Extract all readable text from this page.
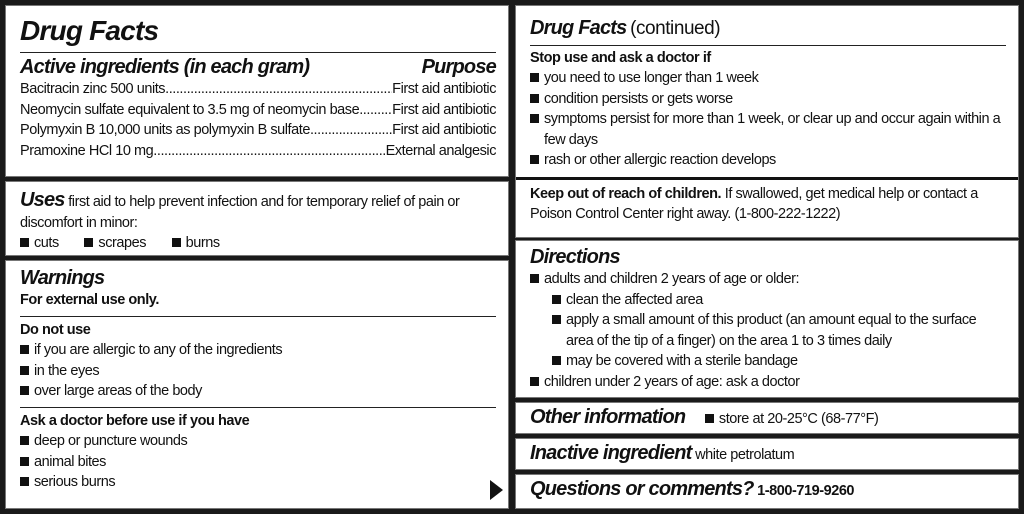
Drug Facts
Active ingredients (in each gram)	Purpose
Bacitracin zinc 500 units .....	First aid antibiotic
Neomycin sulfate equivalent to 3.5 mg of neomycin base ..... First aid antibiotic
Polymyxin B 10,000 units as polymyxin B sulfate .....	First aid antibiotic
Pramoxine HCl 10 mg .....	External analgesic
Uses first aid to help prevent infection and for temporary relief of pain or discomfort in minor:
cuts	scrapes	burns
Warnings
For external use only.
Do not use
if you are allergic to any of the ingredients
in the eyes
over large areas of the body
Ask a doctor before use if you have
deep or puncture wounds
animal bites
serious burns
Drug Facts (continued)
Stop use and ask a doctor if
you need to use longer than 1 week
condition persists or gets worse
symptoms persist for more than 1 week, or clear up and occur again within a few days
rash or other allergic reaction develops
Keep out of reach of children. If swallowed, get medical help or contact a Poison Control Center right away. (1-800-222-1222)
Directions
adults and children 2 years of age or older:
clean the affected area
apply a small amount of this product (an amount equal to the surface area of the tip of a finger) on the area 1 to 3 times daily
may be covered with a sterile bandage
children under 2 years of age: ask a doctor
Other information store at 20-25°C (68-77°F)
Inactive ingredient white petrolatum
Questions or comments? 1-800-719-9260
